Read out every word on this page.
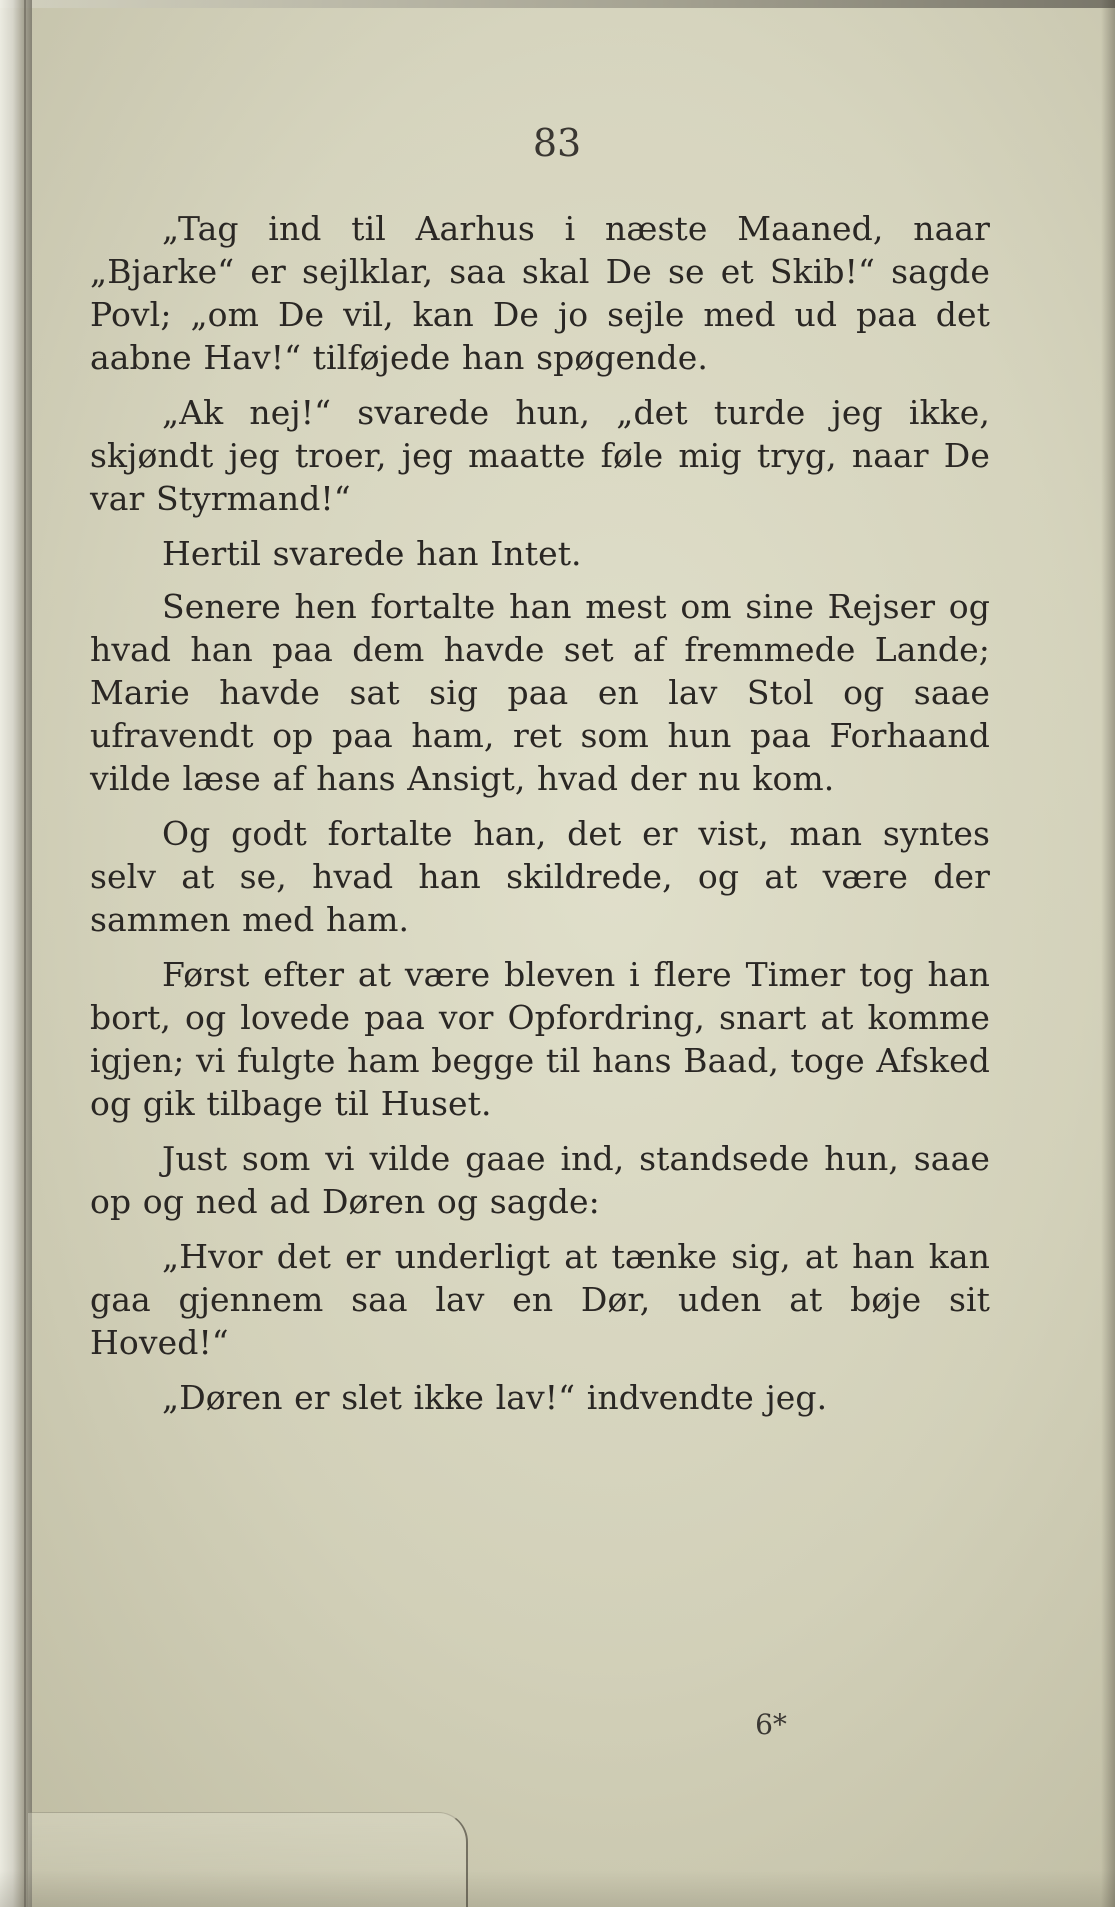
83

„Tag ind til Aarhus i næste Maaned, naar „Bjarke“ er sejlklar, saa skal De se et Skib!“ sagde Povl; „om De vil, kan De jo sejle med ud paa det aabne Hav!“ tilføjede han spøgende.

„Ak nej!“ svarede hun, „det turde jeg ikke, skjøndt jeg troer, jeg maatte føle mig tryg, naar De var Styrmand!“

Hertil svarede han Intet.

Senere hen fortalte han mest om sine Rejser og hvad han paa dem havde set af fremmede Lande; Marie havde sat sig paa en lav Stol og saae ufravendt op paa ham, ret som hun paa Forhaand vilde læse af hans Ansigt, hvad der nu kom.

Og godt fortalte han, det er vist, man syntes selv at se, hvad han skildrede, og at være der sammen med ham.

Først efter at være bleven i flere Timer tog han bort, og lovede paa vor Opfordring, snart at komme igjen; vi fulgte ham begge til hans Baad, toge Afsked og gik tilbage til Huset.

Just som vi vilde gaae ind, standsede hun, saae op og ned ad Døren og sagde:

„Hvor det er underligt at tænke sig, at han kan gaa gjennem saa lav en Dør, uden at bøje sit Hoved!“

„Døren er slet ikke lav!“ indvendte jeg.

6*
